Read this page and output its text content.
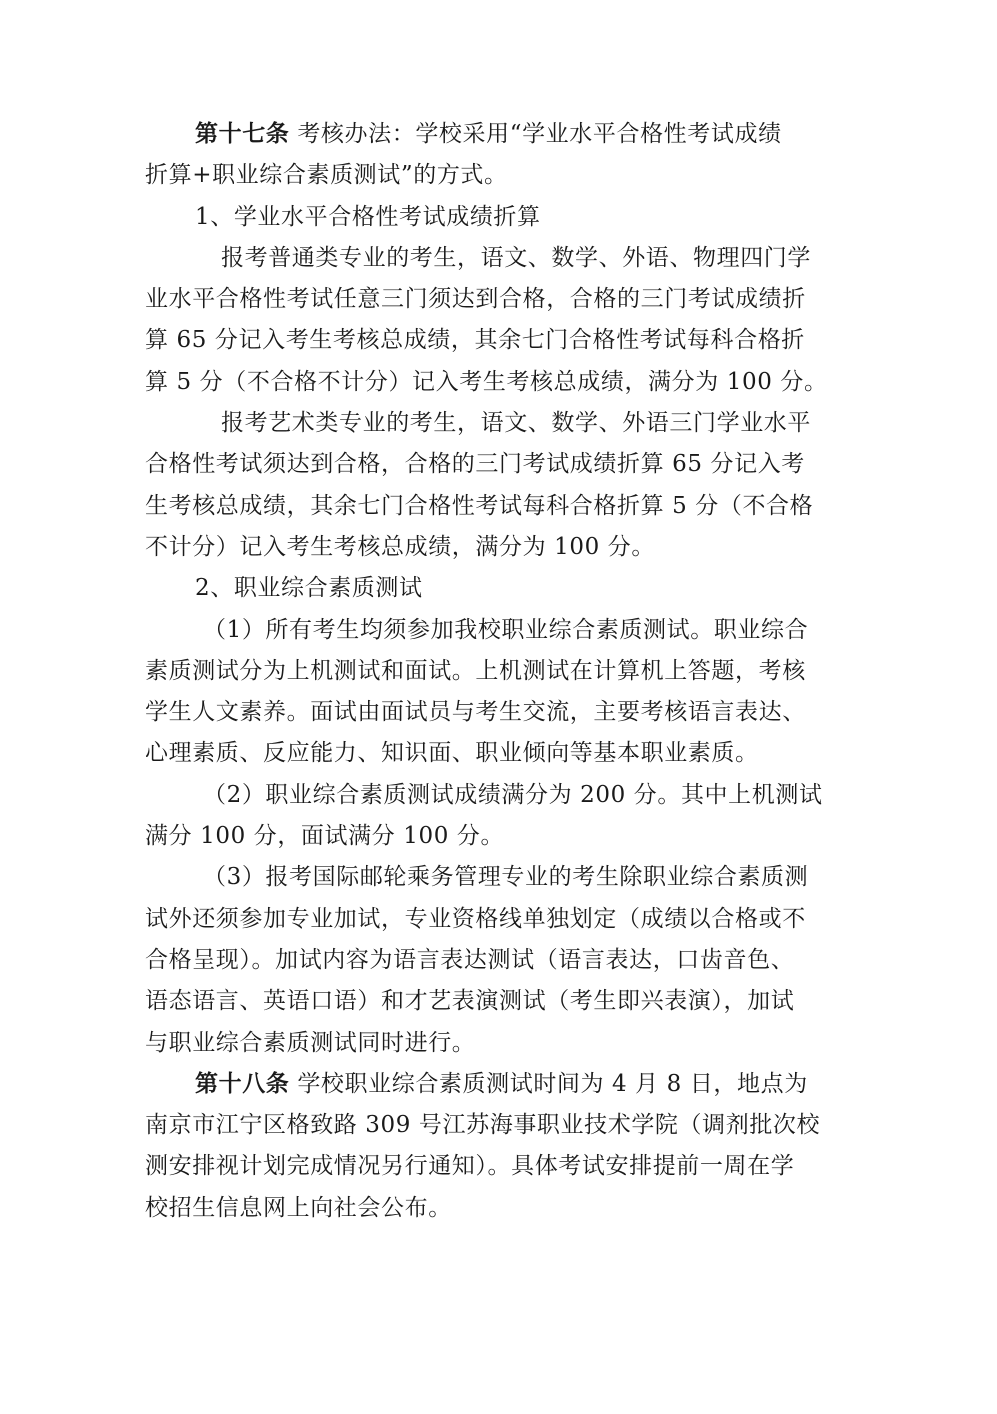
第十七条 考核办法：学校采用“学业水平合格性考试成绩
折算+职业综合素质测试”的方式。
1、学业水平合格性考试成绩折算
报考普通类专业的考生，语文、数学、外语、物理四门学
业水平合格性考试任意三门须达到合格，合格的三门考试成绩折
算 65 分记入考生考核总成绩，其余七门合格性考试每科合格折
算 5 分（不合格不计分）记入考生考核总成绩，满分为 100 分。
报考艺术类专业的考生，语文、数学、外语三门学业水平
合格性考试须达到合格，合格的三门考试成绩折算 65 分记入考
生考核总成绩，其余七门合格性考试每科合格折算 5 分（不合格
不计分）记入考生考核总成绩，满分为 100 分。
2、职业综合素质测试
（1）所有考生均须参加我校职业综合素质测试。职业综合
素质测试分为上机测试和面试。上机测试在计算机上答题，考核
学生人文素养。面试由面试员与考生交流，主要考核语言表达、
心理素质、反应能力、知识面、职业倾向等基本职业素质。
（2）职业综合素质测试成绩满分为 200 分。其中上机测试
满分 100 分，面试满分 100 分。
（3）报考国际邮轮乘务管理专业的考生除职业综合素质测
试外还须参加专业加试，专业资格线单独划定（成绩以合格或不
合格呈现）。加试内容为语言表达测试（语言表达，口齿音色、
语态语言、英语口语）和才艺表演测试（考生即兴表演），加试
与职业综合素质测试同时进行。
第十八条 学校职业综合素质测试时间为 4 月 8 日，地点为
南京市江宁区格致路 309 号江苏海事职业技术学院（调剂批次校
测安排视计划完成情况另行通知）。具体考试安排提前一周在学
校招生信息网上向社会公布。
